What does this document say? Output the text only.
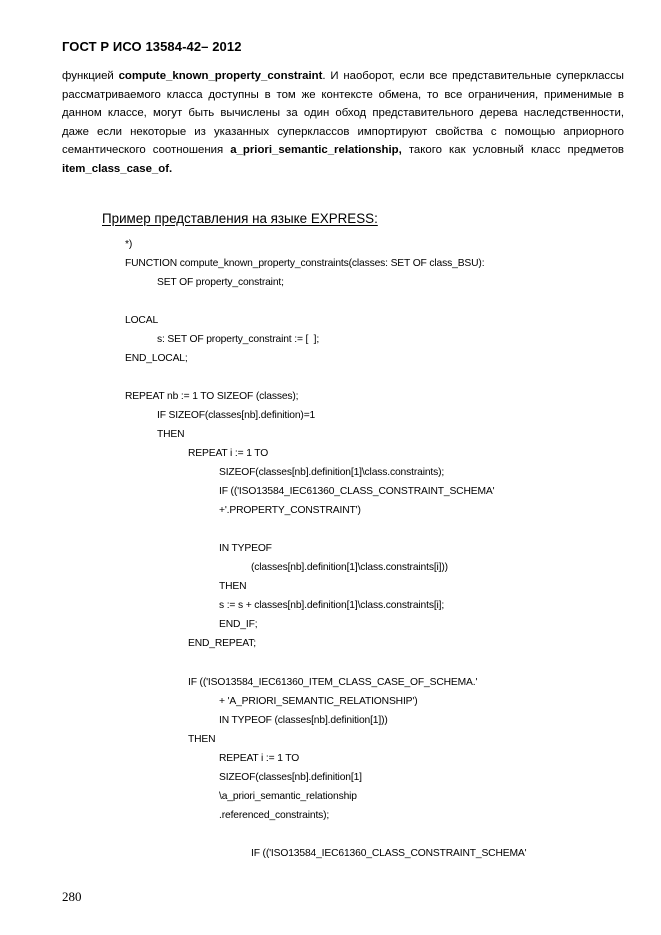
ГОСТ Р ИСО 13584-42– 2012

функцией compute_known_property_constraint. И наоборот, если все представительные суперклассы рассматриваемого класса доступны в том же контексте обмена, то все ограничения, применимые в данном классе, могут быть вычислены за один обход представительного дерева наследственности, даже если некоторые из указанных суперклассов импортируют свойства с помощью априорного семантического соотношения a_priori_semantic_relationship, такого как условный класс предметов item_class_case_of.

Пример представления на языке EXPRESS:
*)
FUNCTION compute_known_property_constraints(classes: SET OF class_BSU):
SET OF property_constraint;
LOCAL
s: SET OF property_constraint := [  ];
END_LOCAL;
REPEAT nb := 1 TO SIZEOF (classes);
IF SIZEOF(classes[nb].definition)=1
THEN
REPEAT i := 1 TO
SIZEOF(classes[nb].definition[1]\class.constraints);
IF (('ISO13584_IEC61360_CLASS_CONSTRAINT_SCHEMA'
+'.PROPERTY_CONSTRAINT')
IN TYPEOF
(classes[nb].definition[1]\class.constraints[i]))
THEN
s := s + classes[nb].definition[1]\class.constraints[i];
END_IF;
END_REPEAT;
IF (('ISO13584_IEC61360_ITEM_CLASS_CASE_OF_SCHEMA.'
+ 'A_PRIORI_SEMANTIC_RELATIONSHIP')
IN TYPEOF (classes[nb].definition[1]))
THEN
REPEAT i := 1 TO
SIZEOF(classes[nb].definition[1]
\a_priori_semantic_relationship
.referenced_constraints);
IF (('ISO13584_IEC61360_CLASS_CONSTRAINT_SCHEMA'
280
